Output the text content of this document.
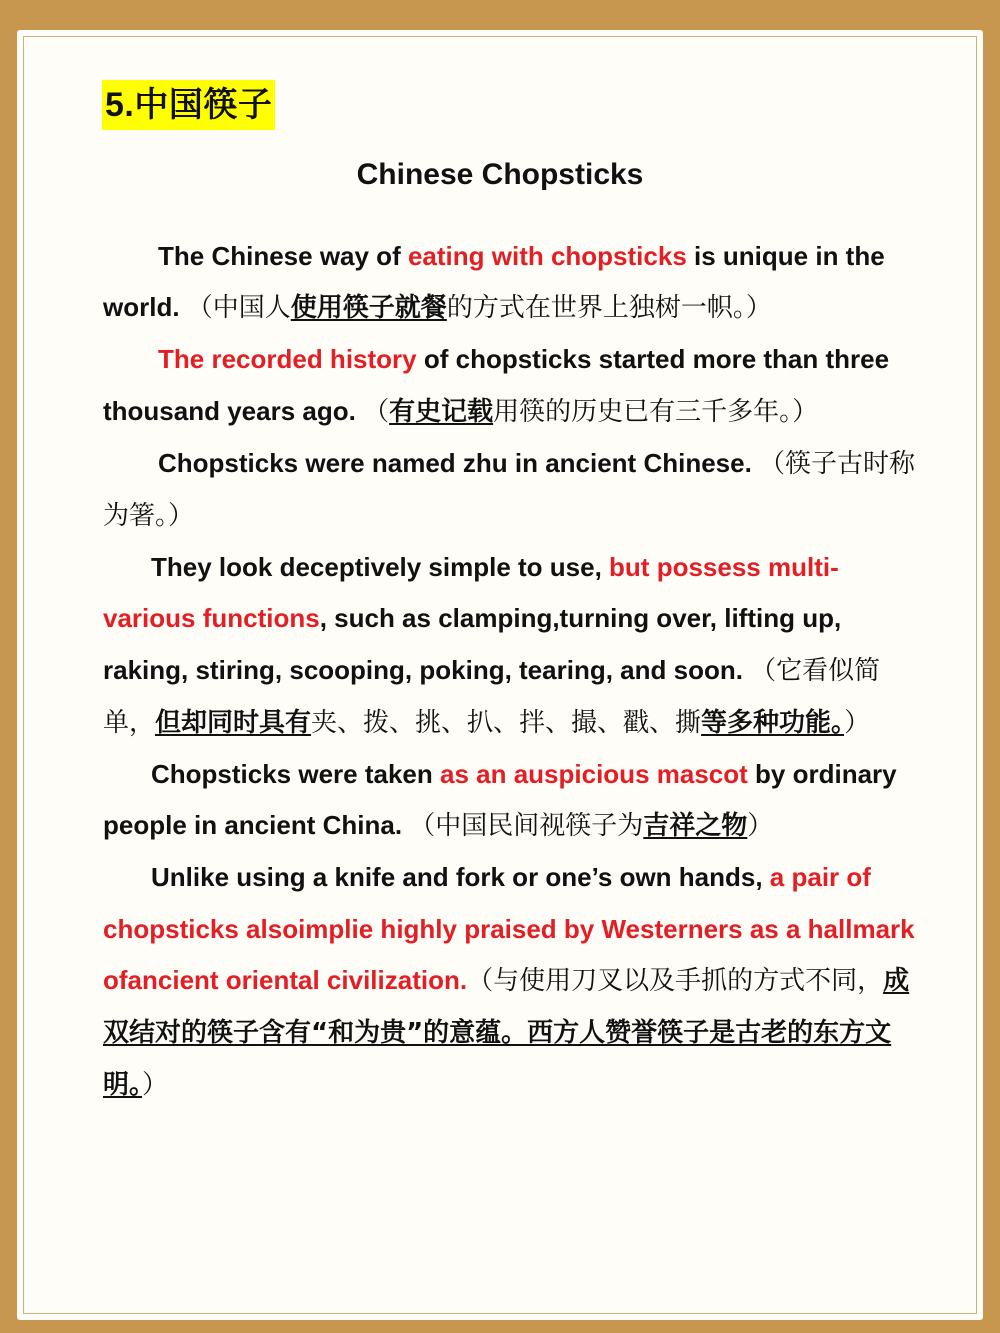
5.中国筷子
Chinese Chopsticks

The Chinese way of eating with chopsticks is unique in the world. （中国人使用筷子就餐的方式在世界上独树一帜。）

The recorded history of chopsticks started more than three thousand years ago. （有史记载用筷的历史已有三千多年。）

Chopsticks were named zhu in ancient Chinese. （筷子古时称为箸。）

They look deceptively simple to use, but possess multi-various functions, such as clamping,turning over, lifting up, raking, stiring, scooping, poking, tearing, and soon. （它看似简单，但却同时具有夹、拨、挑、扒、拌、撮、戳、撕等多种功能。）

Chopsticks were taken as an auspicious mascot by ordinary people in ancient China. （中国民间视筷子为吉祥之物）

Unlike using a knife and fork or one’s own hands, a pair of chopsticks alsoimplie highly praised by Westerners as a hallmark ofancient oriental civilization.（与使用刀叉以及手抓的方式不同，成双结对的筷子含有“和为贵”的意蕴。西方人赞誉筷子是古老的东方文明。）
